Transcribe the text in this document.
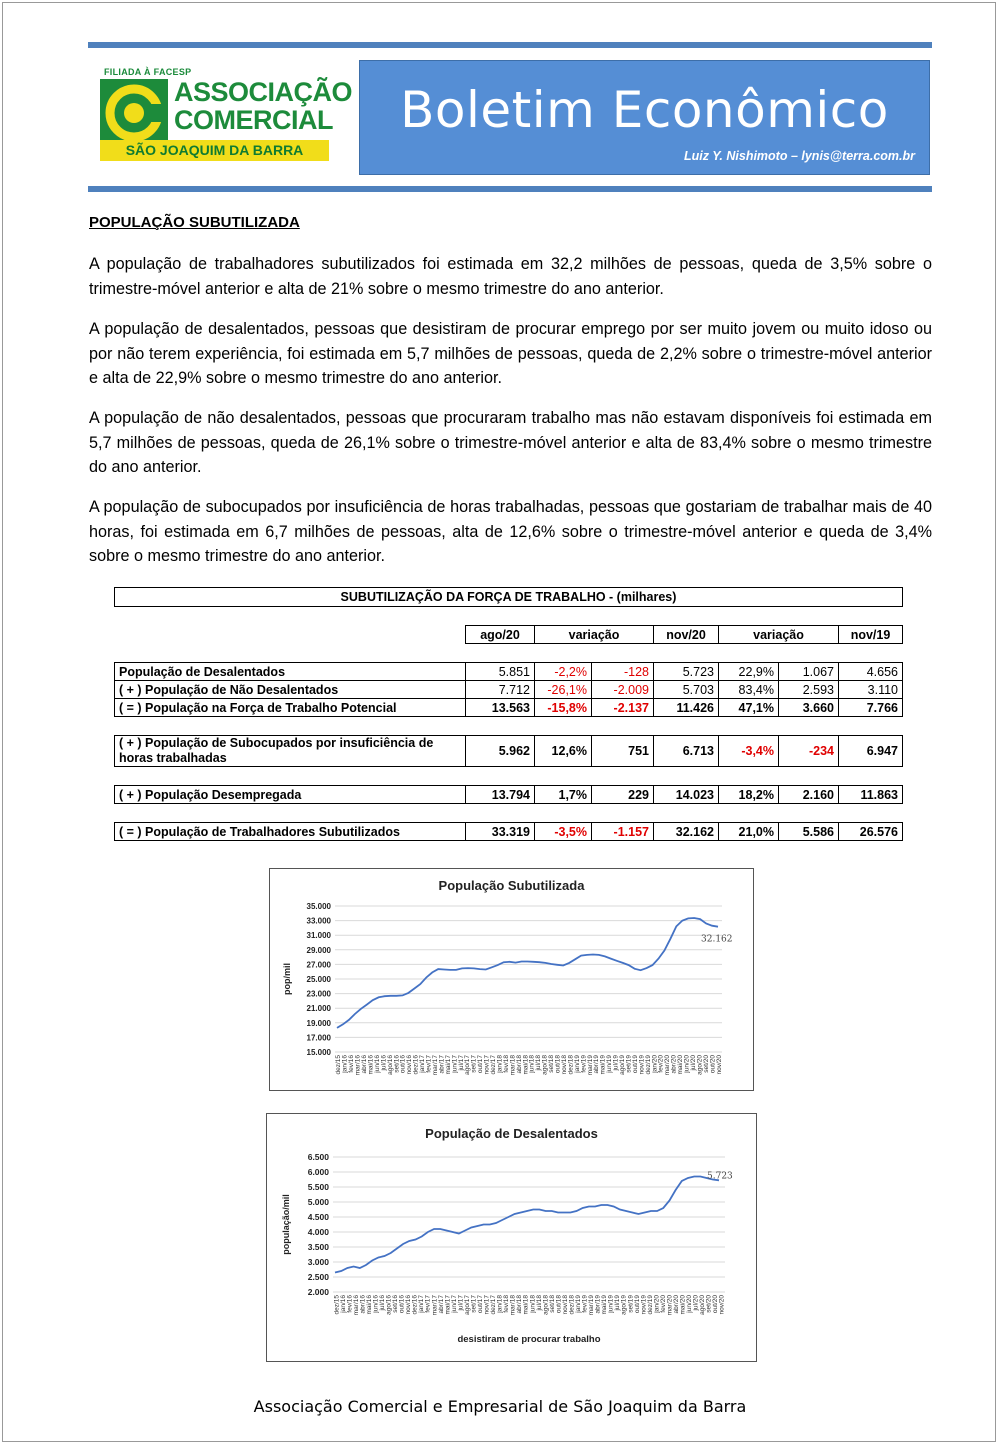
FILIADA À FACESP
ASSOCIAÇÃO
COMERCIAL
SÃO JOAQUIM DA BARRA
Boletim Econômico
Luiz Y. Nishimoto – lynis@terra.com.br
POPULAÇÃO SUBUTILIZADA
A população de trabalhadores subutilizados foi estimada em 32,2 milhões de pessoas, queda de 3,5% sobre o trimestre-móvel anterior e alta de 21% sobre o mesmo trimestre do ano anterior.
A população de desalentados, pessoas que desistiram de procurar emprego por ser muito jovem ou muito idoso ou por não terem experiência, foi estimada em 5,7 milhões de pessoas, queda de 2,2% sobre o trimestre-móvel anterior e alta de 22,9% sobre o mesmo trimestre do ano anterior.
A população de não desalentados, pessoas que procuraram trabalho mas não estavam disponíveis foi estimada em 5,7 milhões de pessoas, queda de 26,1% sobre o trimestre-móvel anterior e alta de 83,4% sobre o mesmo trimestre do ano anterior.
A população de subocupados por insuficiência de horas trabalhadas, pessoas que gostariam de trabalhar mais de 40 horas, foi estimada em 6,7 milhões de pessoas, alta de 12,6% sobre o trimestre-móvel anterior e queda de 3,4% sobre o mesmo trimestre do ano anterior.
SUBUTILIZAÇÃO DA FORÇA DE TRABALHO - (milhares)							

	ago/20	variação		nov/20	variação		nov/19

População de Desalentados	5.851	-2,2%	-128	5.723	22,9%	1.067	4.656
( + ) População de Não Desalentados	7.712	-26,1%	-2.009	5.703	83,4%	2.593	3.110
( = ) População na Força de Trabalho Potencial	13.563	-15,8%	-2.137	11.426	47,1%	3.660	7.766

( + ) População de Subocupados por insuficiência de horas trabalhadas	5.962	12,6%	751	6.713	-3,4%	-234	6.947

( + ) População Desempregada	13.794	1,7%	229	14.023	18,2%	2.160	11.863

( = ) População de Trabalhadores Subutilizados	33.319	-3,5%	-1.157	32.162	21,0%	5.586	26.576
15.000
17.000
19.000
21.000
23.000
25.000
27.000
29.000
31.000
33.000
35.000
dez/15 jan/16 fev/16 mar/16 abr/16 mai/16 jun/16 jul/16 ago/16 set/16 out/16 nov/16 dez/16 jan/17 fev/17 mar/17 abr/17 mai/17 jun/17 jul/17 ago/17 set/17 out/17 nov/17 dez/17 jan/18 fev/18 mar/18 abr/18 mai/18 jun/18 jul/18 ago/18 set/18 out/18 nov/18 dez/18 jan/19 fev/19 mar/19 abr/19 mai/19 jun/19 jul/19 ago/19 set/19 out/19 nov/19 dez/19 jan/20 fev/20 mar/20 abr/20 mai/20 jun/20 jul/20 ago/20 set/20 out/20 nov/20
32.162
pop/mil
População Subutilizada
2.000
2.500
3.000
3.500
4.000
4.500
5.000
5.500
6.000
6.500
dez/15 jan/16 fev/16 mar/16 abr/16 mai/16 jun/16 jul/16 ago/16 set/16 out/16 nov/16 dez/16 jan/17 fev/17 mar/17 abr/17 mai/17 jun/17 jul/17 ago/17 set/17 out/17 nov/17 dez/17 jan/18 fev/18 mar/18 abr/18 mai/18 jun/18 jul/18 ago/18 set/18 out/18 nov/18 dez/18 jan/19 fev/19 mar/19 abr/19 mai/19 jun/19 jul/19 ago/19 set/19 out/19 nov/19 dez/19 jan/20 fev/20 mar/20 abr/20 mai/20 jun/20 jul/20 ago/20 set/20 out/20 nov/20
5.723
população/mil
desistiram de procurar trabalho
População de Desalentados
Associação Comercial e Empresarial de São Joaquim da Barra
